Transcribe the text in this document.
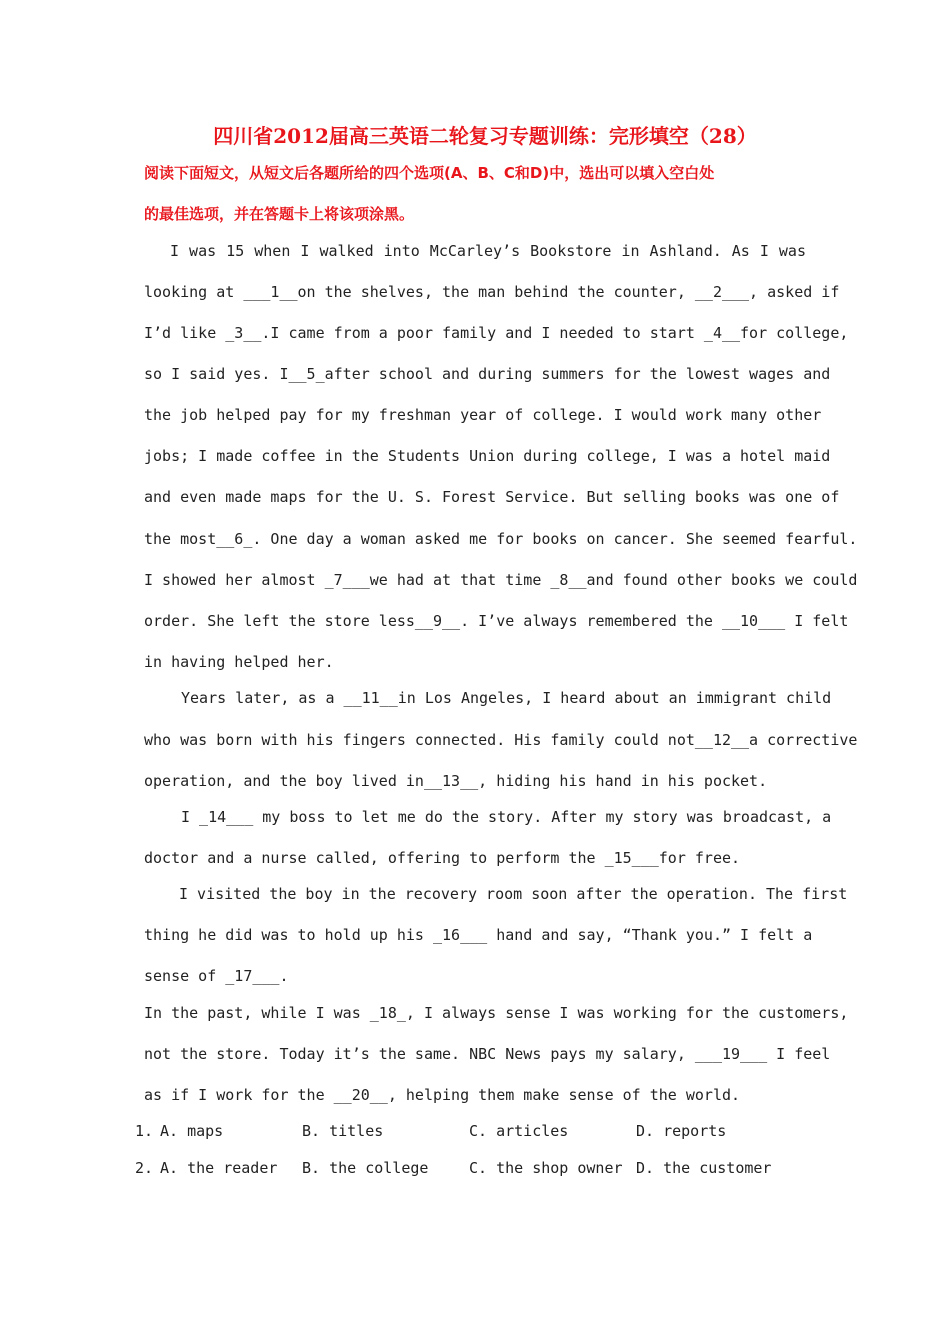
四川省2012届高三英语二轮复习专题训练：完形填空（28）
阅读下面短文，从短文后各题所给的四个选项(A、B、C和D)中，选出可以填入空白处
的最佳选项，并在答题卡上将该项涂黑。
I was 15 when I walked into McCarley’s Bookstore in Ashland. As I was
looking at ___1__on the shelves, the man behind the counter, __2___, asked if
I’d like _3__.I came from a poor family and I needed to start _4__for college,
so I said yes. I__5_after school and during summers for the lowest wages and
the job helped pay for my freshman year of college. I would work many other
jobs; I made coffee in the Students Union during college, I was a hotel maid
and even made maps for the U. S. Forest Service. But selling books was one of
the most__6_. One day a woman asked me for books on cancer. She seemed fearful.
I showed her almost _7___we had at that time _8__and found other books we could
order. She left the store less__9__. I’ve always remembered the __10___ I felt
in having helped her.
Years later, as a __11__in Los Angeles, I heard about an immigrant child
who was born with his fingers connected. His family could not__12__a corrective
operation, and the boy lived in__13__, hiding his hand in his pocket.
I _14___ my boss to let me do the story. After my story was broadcast, a
doctor and a nurse called, offering to perform the _15___for free.
I visited the boy in the recovery room soon after the operation. The first
thing he did was to hold up his _16___ hand and say, “Thank you.” I felt a
sense of _17___.
In the past, while I was _18_, I always sense I was working for the customers,
not the store. Today it’s the same. NBC News pays my salary, ___19___ I feel
as if I work for the __20__, helping them make sense of the world.
1. A. maps	B. titles	C. articles	D. reports
2. A. the reader B. the college	C. the shop owner D. the customer
